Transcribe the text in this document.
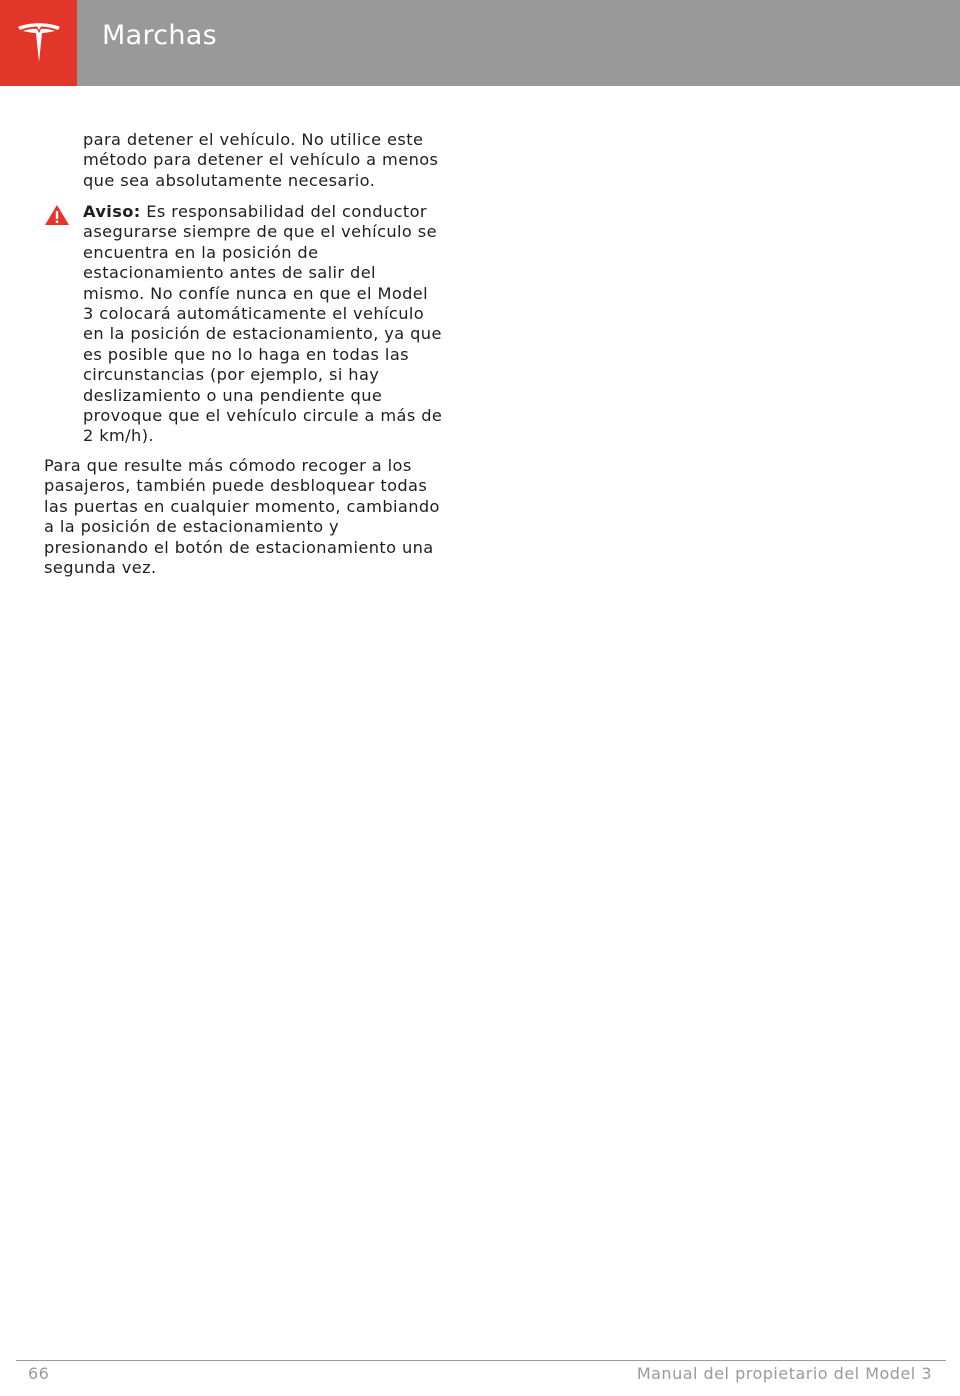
Marchas
para detener el vehículo. No utilice este método para detener el vehículo a menos que sea absolutamente necesario.
Aviso: Es responsabilidad del conductor asegurarse siempre de que el vehículo se encuentra en la posición de estacionamiento antes de salir del mismo. No confíe nunca en que el Model 3 colocará automáticamente el vehículo en la posición de estacionamiento, ya que es posible que no lo haga en todas las circunstancias (por ejemplo, si hay deslizamiento o una pendiente que provoque que el vehículo circule a más de 2 km/h).
Para que resulte más cómodo recoger a los pasajeros, también puede desbloquear todas las puertas en cualquier momento, cambiando a la posición de estacionamiento y presionando el botón de estacionamiento una segunda vez.
66	Manual del propietario del Model 3
